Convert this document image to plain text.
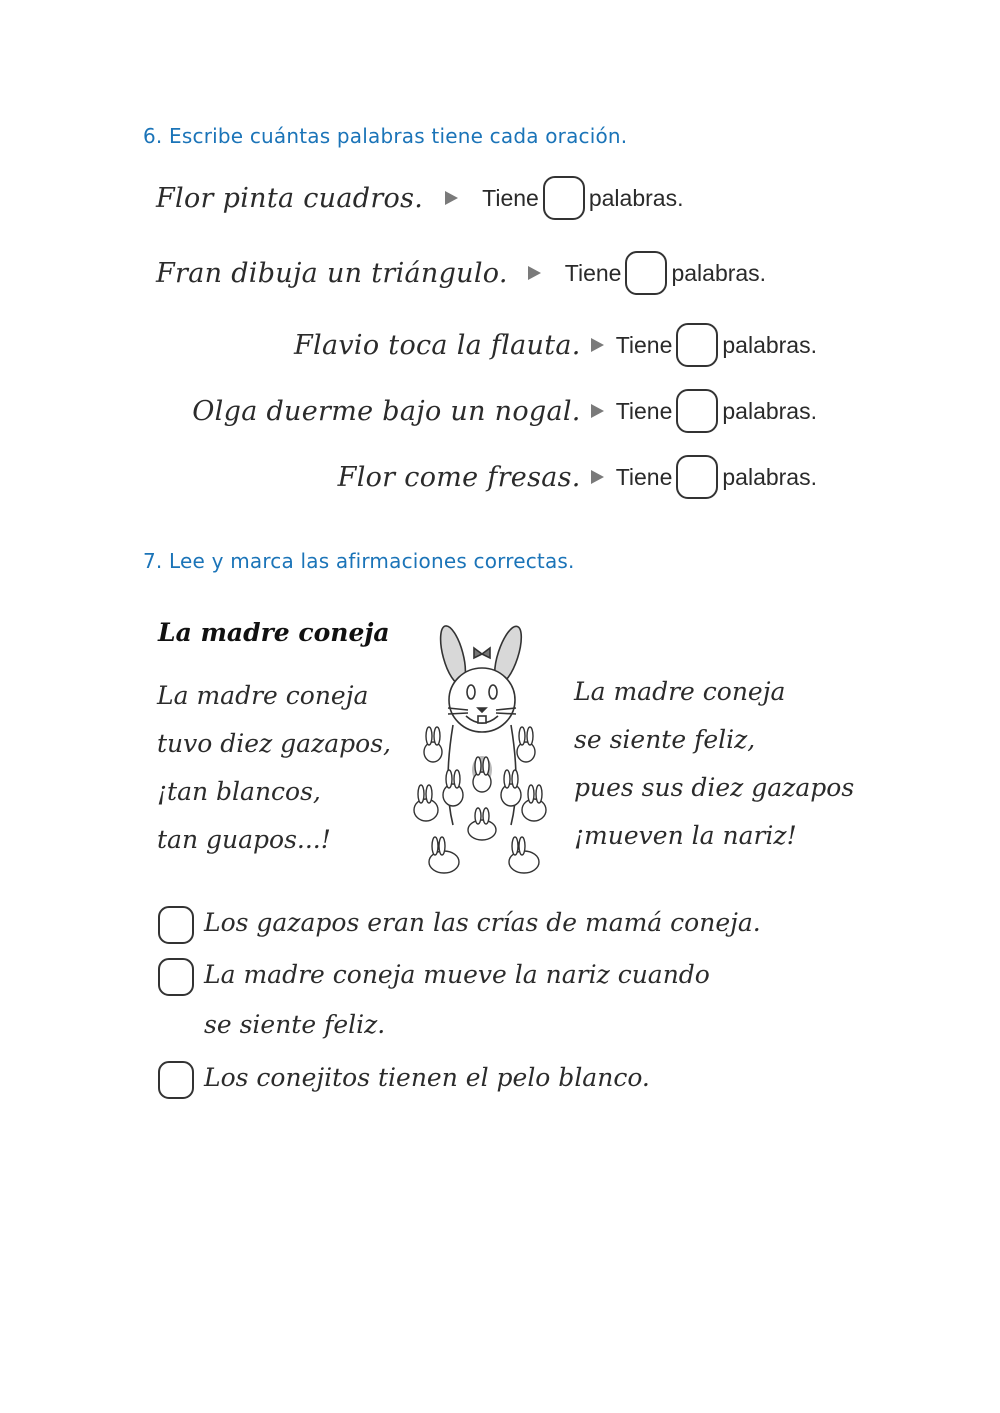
6. Escribe cuántas palabras tiene cada oración.
Flor pinta cuadros.	Tiene palabras.
Fran dibuja un triángulo. Tiene palabras.
Flavio toca la flauta. Tiene palabras.
Olga duerme bajo un nogal. Tiene palabras.
Flor come fresas. Tiene palabras.
7. Lee y marca las afirmaciones correctas.
La madre coneja
La madre coneja
tuvo diez gazapos,
¡tan blancos,
tan guapos...!
La madre coneja
se siente feliz,
pues sus diez gazapos
¡mueven la nariz!
Los gazapos eran las crías de mamá coneja.
La madre coneja mueve la nariz cuando
se siente feliz.
Los conejitos tienen el pelo blanco.
